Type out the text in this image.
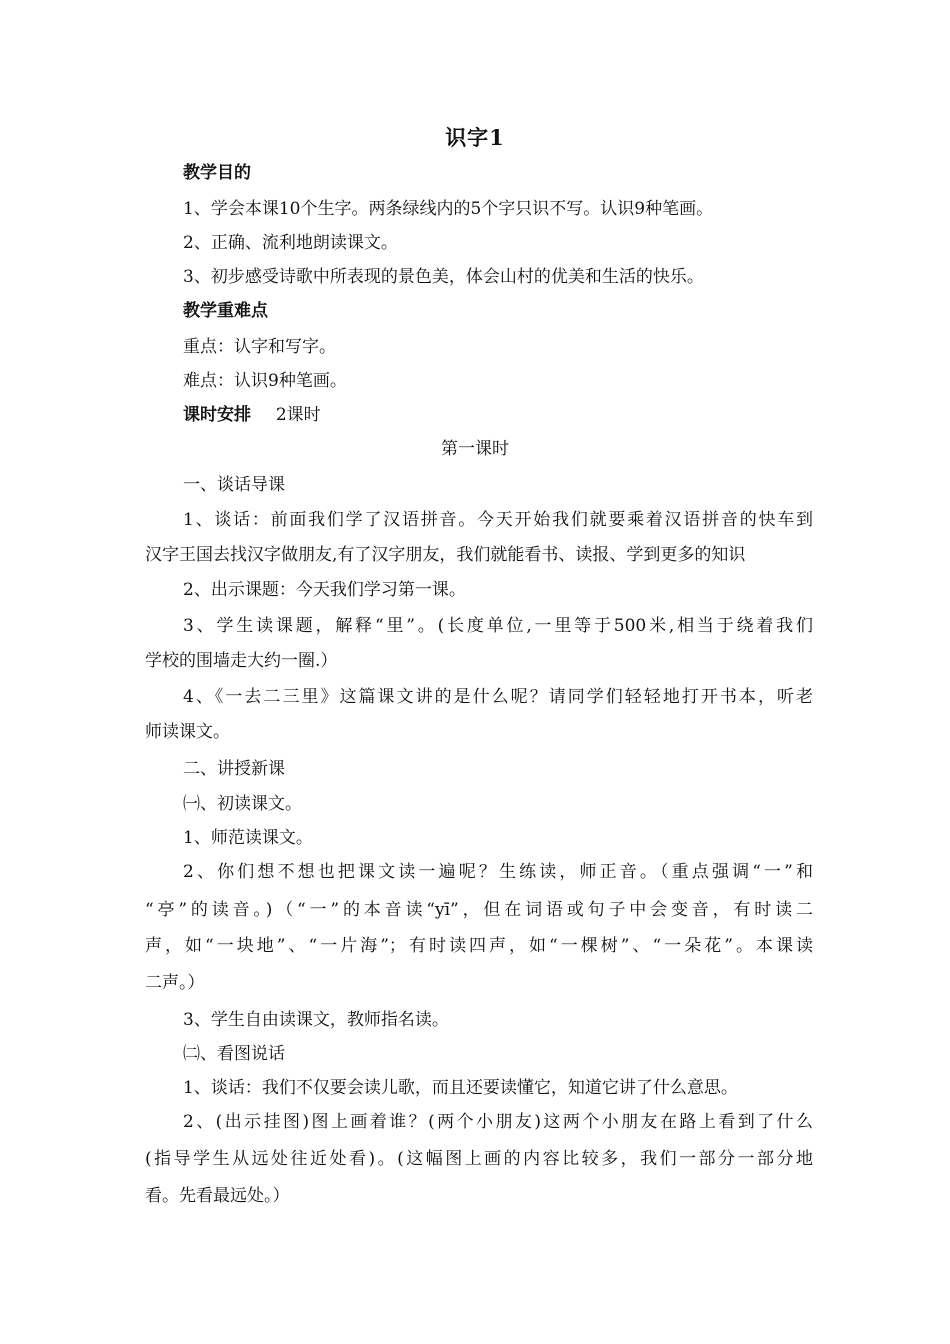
识字1
教学目的
1、学会本课10个生字。两条绿线内的5个字只识不写。认识9种笔画。
2、正确、流利地朗读课文。
3、初步感受诗歌中所表现的景色美，体会山村的优美和生活的快乐。
教学重难点
重点：认字和写字。
难点：认识9种笔画。
课时安排 2课时
第一课时
一、谈话导课
1、谈话：前面我们学了汉语拼音。今天开始我们就要乘着汉语拼音的快车到
汉字王国去找汉字做朋友,有了汉字朋友，我们就能看书、读报、学到更多的知识
2、出示课题：今天我们学习第一课。
3、学生读课题，解释“里”。(长度单位,一里等于500米,相当于绕着我们
学校的围墙走大约一圈.）
4、《一去二三里》这篇课文讲的是什么呢？请同学们轻轻地打开书本，听老
师读课文。
二、讲授新课
㈠、初读课文。
1、师范读课文。
2、你们想不想也把课文读一遍呢？生练读，师正音。（重点强调“一”和
“亭”的读音。)（“一”的本音读“yī”，但在词语或句子中会变音，有时读二
声，如“一块地”、“一片海”；有时读四声，如“一棵树”、“一朵花”。本课读
二声。）
3、学生自由读课文，教师指名读。
㈡、看图说话
1、谈话：我们不仅要会读儿歌，而且还要读懂它，知道它讲了什么意思。
2、(出示挂图)图上画着谁？(两个小朋友)这两个小朋友在路上看到了什么
(指导学生从远处往近处看)。(这幅图上画的内容比较多，我们一部分一部分地
看。先看最远处。）
